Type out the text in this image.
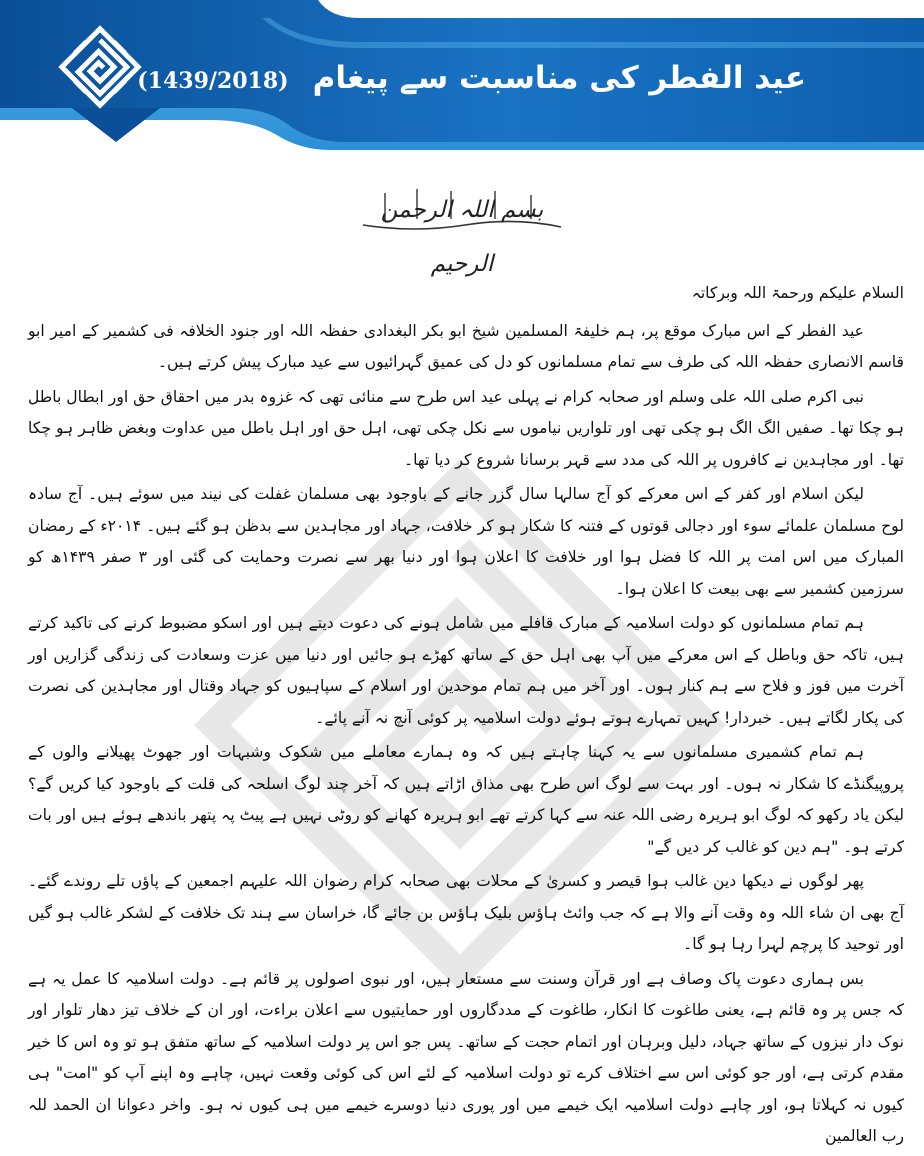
عید الفطر کی مناسبت سے پیغام(1439/2018)
بسم اللہ الرحمن الرحیم

السلام علیکم ورحمۃ اللہ وبرکاتہ

عید الفطر کے اس مبارک موقع پر، ہم خلیفۃ المسلمین شیخ ابو بکر البغدادی حفظہ اللہ اور جنود الخلافہ فی کشمیر کے امیر ابو قاسم الانصاری حفظہ اللہ کی طرف سے تمام مسلمانوں کو دل کی عمیق گہرائیوں سے عید مبارک پیش کرتے ہیں۔

نبی اکرم صلی اللہ علی وسلم اور صحابہ کرام نے پہلی عید اس طرح سے منائی تھی کہ غزوہ بدر میں احقاق حق اور ابطال باطل ہو چکا تھا۔ صفیں الگ الگ ہو چکی تھی اور تلواریں نیاموں سے نکل چکی تھی، اہل حق اور اہل باطل میں عداوت وبغض ظاہر ہو چکا تھا۔ اور مجاہدین نے کافروں پر اللہ کی مدد سے قہر برسانا شروع کر دیا تھا۔

لیکن اسلام اور کفر کے اس معرکے کو آج سالہا سال گزر جانے کے باوجود بھی مسلمان غفلت کی نیند میں سوئے ہیں۔ آج سادہ لوح مسلمان علمائے سوء اور دجالی قوتوں کے فتنہ کا شکار ہو کر خلافت، جہاد اور مجاہدین سے بدظن ہو گئے ہیں۔ ۲۰۱۴ء کے رمضان المبارک میں اس امت پر اللہ کا فضل ہوا اور خلافت کا اعلان ہوا اور دنیا بھر سے نصرت وحمایت کی گئی اور ۳ صفر ۱۴۳۹ھ کو سرزمین کشمیر سے بھی بیعت کا اعلان ہوا۔

ہم تمام مسلمانوں کو دولت اسلامیہ کے مبارک قافلے میں شامل ہونے کی دعوت دیتے ہیں اور اسکو مضبوط کرنے کی تاکید کرتے ہیں، تاکہ حق وباطل کے اس معرکے میں آپ بھی اہل حق کے ساتھ کھڑے ہو جائیں اور دنیا میں عزت وسعادت کی زندگی گزاریں اور آخرت میں فوز و فلاح سے ہم کنار ہوں۔ اور آخر میں ہم تمام موحدین اور اسلام کے سپاہیوں کو جہاد وقتال اور مجاہدین کی نصرت کی پکار لگاتے ہیں۔ خبردار! کہیں تمہارے ہوتے ہوئے دولت اسلامیہ پر کوئی آنچ نہ آنے پائے۔

ہم تمام کشمیری مسلمانوں سے یہ کہنا چاہتے ہیں کہ وہ ہمارے معاملے میں شکوک وشبہات اور جھوٹ پھیلانے والوں کے پروپیگنڈے کا شکار نہ ہوں۔ اور بہت سے لوگ اس طرح بھی مذاق اڑاتے ہیں کہ آخر چند لوگ اسلحہ کی قلت کے باوجود کیا کریں گے؟ لیکن یاد رکھو کہ لوگ ابو ہریرہ رضی اللہ عنہ سے کہا کرتے تھے ابو ہریرہ کھانے کو روٹی نہیں ہے پیٹ پہ پتھر باندھے ہوئے ہیں اور بات کرتے ہو۔ "ہم دین کو غالب کر دیں گے"

پھر لوگوں نے دیکھا دین غالب ہوا قیصر و کسریٰ کے محلات بھی صحابہ کرام رضوان اللہ علیہم اجمعین کے پاؤں تلے روندے گئے۔ آج بھی ان شاء اللہ وہ وقت آنے والا ہے کہ جب وائٹ ہاؤس بلیک ہاؤس بن جائے گا، خراسان سے ہند تک خلافت کے لشکر غالب ہو گیں اور توحید کا پرچم لہرا رہا ہو گا۔

بس ہماری دعوت پاک وصاف ہے اور قرآن وسنت سے مستعار ہیں، اور نبوی اصولوں پر قائم ہے۔ دولت اسلامیہ کا عمل یہ ہے کہ جس پر وہ قائم ہے، یعنی طاغوت کا انکار، طاغوت کے مددگاروں اور حمایتیوں سے اعلان براءت، اور ان کے خلاف تیز دھار تلوار اور نوک دار نیزوں کے ساتھ جہاد، دلیل وبرہان اور اتمام حجت کے ساتھ۔ پس جو اس پر دولت اسلامیہ کے ساتھ متفق ہو تو وہ اس کا خیر مقدم کرتی ہے، اور جو کوئی اس سے اختلاف کرے تو دولت اسلامیہ کے لئے اس کی کوئی وقعت نہیں، چاہے وہ اپنے آپ کو "امت" ہی کیوں نہ کہلاتا ہو، اور چاہے دولت اسلامیہ ایک خیمے میں اور پوری دنیا دوسرے خیمے میں ہی کیوں نہ ہو۔ واخر دعوانا ان الحمد للہ رب العالمین
